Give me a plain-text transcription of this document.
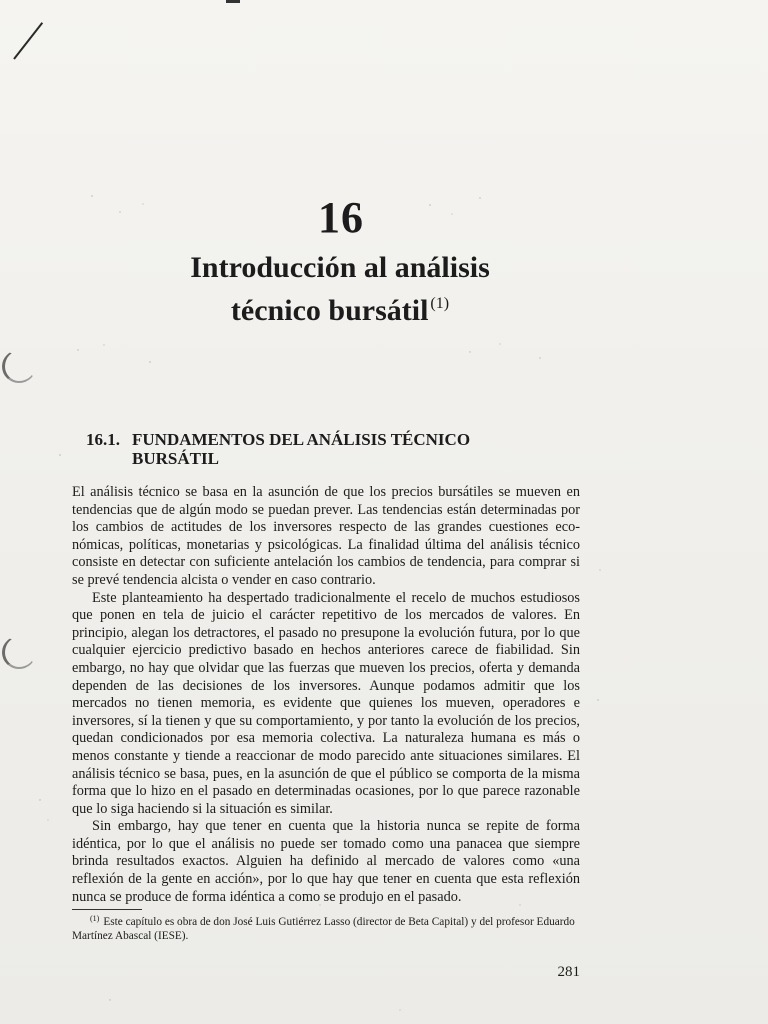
16
Introducción al análisis
técnico bursátil $^{(1)}$
16.1. FUNDAMENTOS DEL ANÁLISIS TÉCNICO
BURSÁTIL

El análisis técnico se basa en la asunción de que los precios bursátiles se mueven en tendencias que de algún modo se puedan prever. Las tendencias están determinadas por los cambios de actitudes de los inversores respecto de las grandes cuestiones económicas, políticas, monetarias y psicológicas. La finalidad última del análisis técnico consiste en detectar con suficiente antelación los cambios de tendencia, para comprar si se prevé tendencia alcista o vender en caso contrario.

Este planteamiento ha despertado tradicionalmente el recelo de muchos estudiosos que ponen en tela de juicio el carácter repetitivo de los mercados de valores. En principio, alegan los detractores, el pasado no presupone la evolución futura, por lo que cualquier ejercicio predictivo basado en hechos anteriores carece de fiabilidad. Sin embargo, no hay que olvidar que las fuerzas que mueven los precios, oferta y demanda dependen de las decisiones de los inversores. Aunque podamos admitir que los mercados no tienen memoria, es evidente que quienes los mueven, operadores e inversores, sí la tienen y que su comportamiento, y por tanto la evolución de los precios, quedan condicionados por esa memoria colectiva. La naturaleza humana es más o menos constante y tiende a reaccionar de modo parecido ante situaciones similares. El análisis técnico se basa, pues, en la asunción de que el público se comporta de la misma forma que lo hizo en el pasado en determinadas ocasiones, por lo que parece razonable que lo siga haciendo si la situación es similar.

Sin embargo, hay que tener en cuenta que la historia nunca se repite de forma idéntica, por lo que el análisis no puede ser tomado como una panacea que siempre brinda resultados exactos. Alguien ha definido al mercado de valores como «una reflexión de la gente en acción», por lo que hay que tener en cuenta que esta reflexión nunca se produce de forma idéntica a como se produjo en el pasado.

$^{(1)}$ Este capítulo es obra de don José Luis Gutiérrez Lasso (director de Beta Capital) y del profesor Eduardo Martínez Abascal (IESE).
281
